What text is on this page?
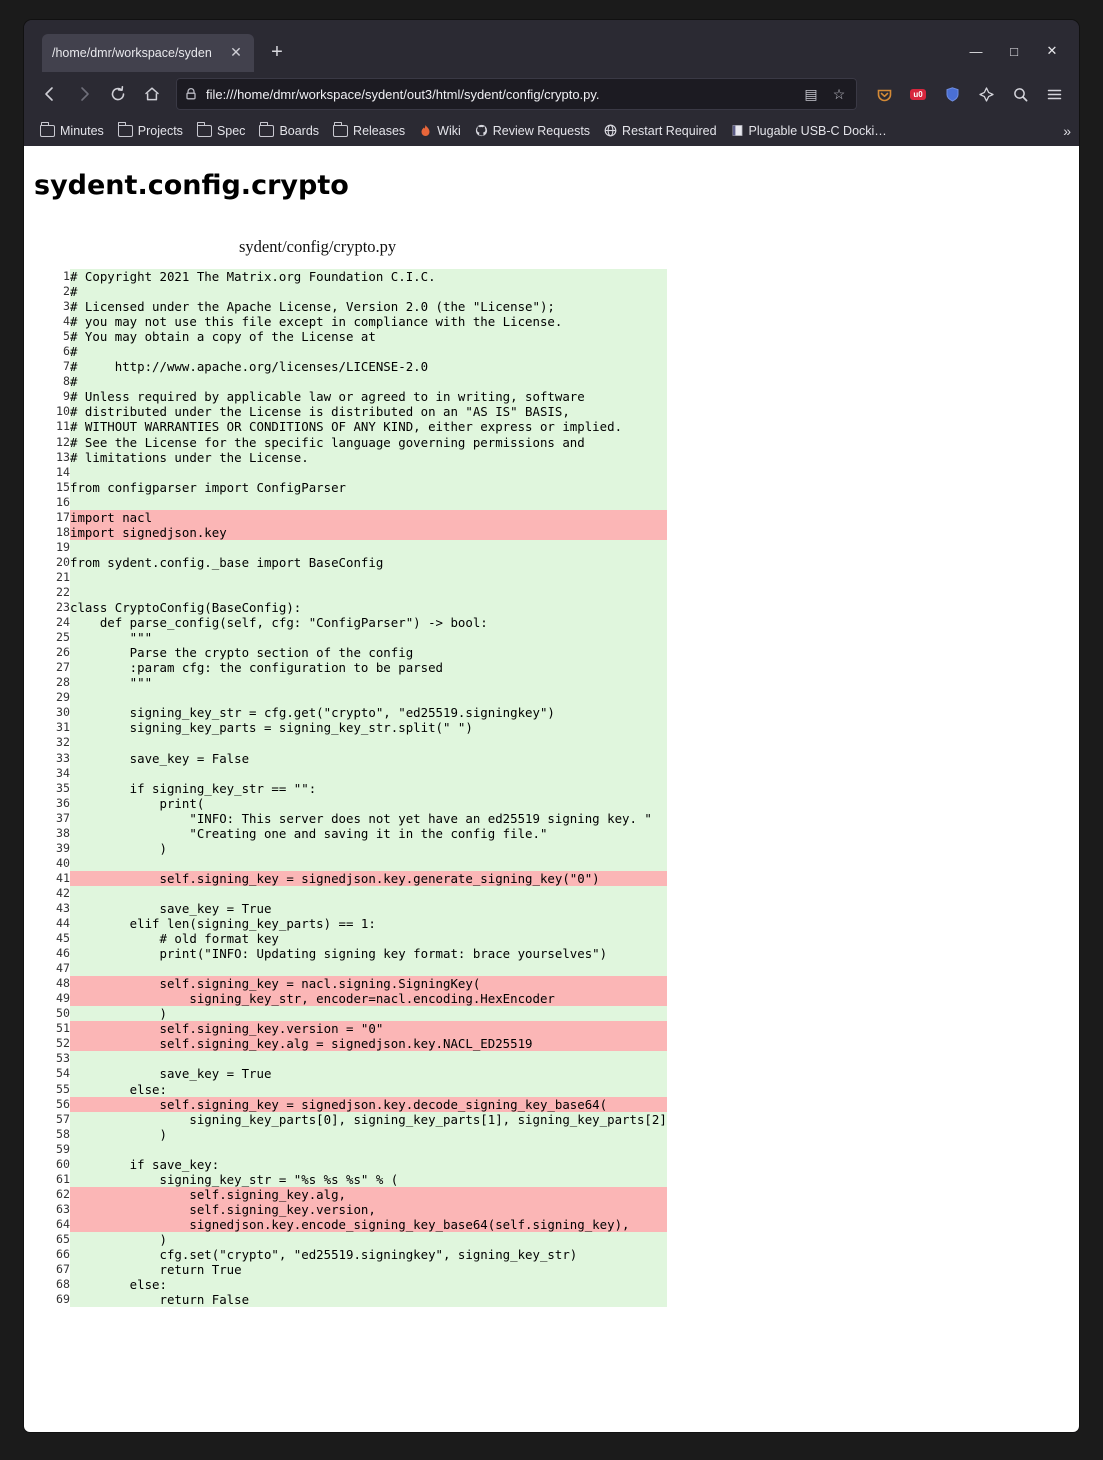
/home/dmr/workspace/syden	✕	+	—	□	✕
file:///home/dmr/workspace/sydent/out3/html/sydent/config/crypto.py.	▤ ☆	u0
Minutes	Projects	Spec	Boards	Releases	Wiki	Review Requests	Restart Required	Plugable USB-C Docki…	»
sydent.config.crypto
sydent/config/crypto.py
1	# Copyright 2021 The Matrix.org Foundation C.I.C.
2	#
3	# Licensed under the Apache License, Version 2.0 (the "License");
4	# you may not use this file except in compliance with the License.
5	# You may obtain a copy of the License at
6	#
7	#     http://www.apache.org/licenses/LICENSE-2.0
8	#
9	# Unless required by applicable law or agreed to in writing, software
10	# distributed under the License is distributed on an "AS IS" BASIS,
11	# WITHOUT WARRANTIES OR CONDITIONS OF ANY KIND, either express or implied.
12	# See the License for the specific language governing permissions and
13	# limitations under the License.
14	
15	from configparser import ConfigParser
16	
17	import nacl
18	import signedjson.key
19	
20	from sydent.config._base import BaseConfig
21	
22	
23	class CryptoConfig(BaseConfig):
24	def parse_config(self, cfg: "ConfigParser") -> bool:
25	"""
26	Parse the crypto section of the config
27	:param cfg: the configuration to be parsed
28	"""
29	
30	signing_key_str = cfg.get("crypto", "ed25519.signingkey")
31	signing_key_parts = signing_key_str.split(" ")
32	
33	save_key = False
34	
35	if signing_key_str == "":
36	print(
37	"INFO: This server does not yet have an ed25519 signing key. "
38	"Creating one and saving it in the config file."
39	)
40	
41	self.signing_key = signedjson.key.generate_signing_key("0")
42	
43	save_key = True
44	elif len(signing_key_parts) == 1:
45	# old format key
46	print("INFO: Updating signing key format: brace yourselves")
47	
48	self.signing_key = nacl.signing.SigningKey(
49	signing_key_str, encoder=nacl.encoding.HexEncoder
50	)
51	self.signing_key.version = "0"
52	self.signing_key.alg = signedjson.key.NACL_ED25519
53	
54	save_key = True
55	else:
56	self.signing_key = signedjson.key.decode_signing_key_base64(
57	signing_key_parts[0], signing_key_parts[1], signing_key_parts[2]
58	)
59	
60	if save_key:
61	signing_key_str = "%s %s %s" % (
62	self.signing_key.alg,
63	self.signing_key.version,
64	signedjson.key.encode_signing_key_base64(self.signing_key),
65	)
66	cfg.set("crypto", "ed25519.signingkey", signing_key_str)
67	return True
68	else:
69	return False
